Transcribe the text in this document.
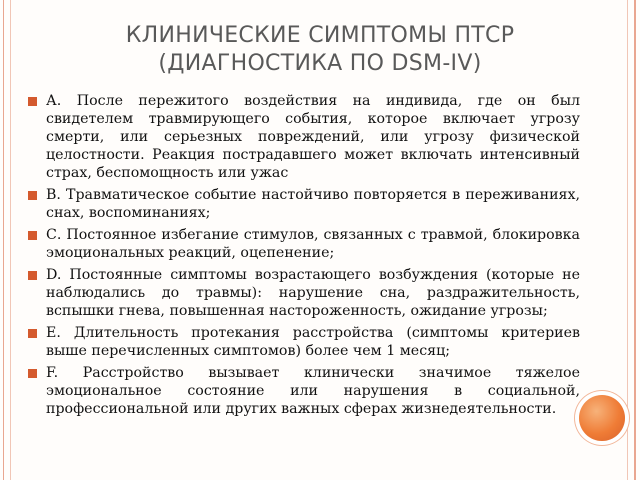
КЛИНИЧЕСКИЕ СИМПТОМЫ ПТСР
(ДИАГНОСТИКА ПО DSM-IV)
А. После пережитого воздействия на индивида, где он был свидетелем травмирующего события, которое включает угрозу смерти, или серьезных повреждений, или угрозу физической целостности. Реакция пострадавшего может включать интенсивный страх, беспомощность или ужас
В. Травматическое событие настойчиво повторяется в переживаниях, снах, воспоминаниях;
С. Постоянное избегание стимулов, связанных с травмой, блокировка эмоциональных реакций, оцепенение;
D. Постоянные симптомы возрастающего возбуждения (которые не наблюдались до травмы): нарушение сна, раздражительность, вспышки гнева, повышенная настороженность, ожидание угрозы;
Е. Длительность протекания расстройства (симптомы критериев выше перечисленных симптомов) более чем 1 месяц;
F. Расстройство вызывает клинически значимое тяжелое эмоциональное состояние или нарушения в социальной, профессиональной или других важных сферах жизнедеятельности.
